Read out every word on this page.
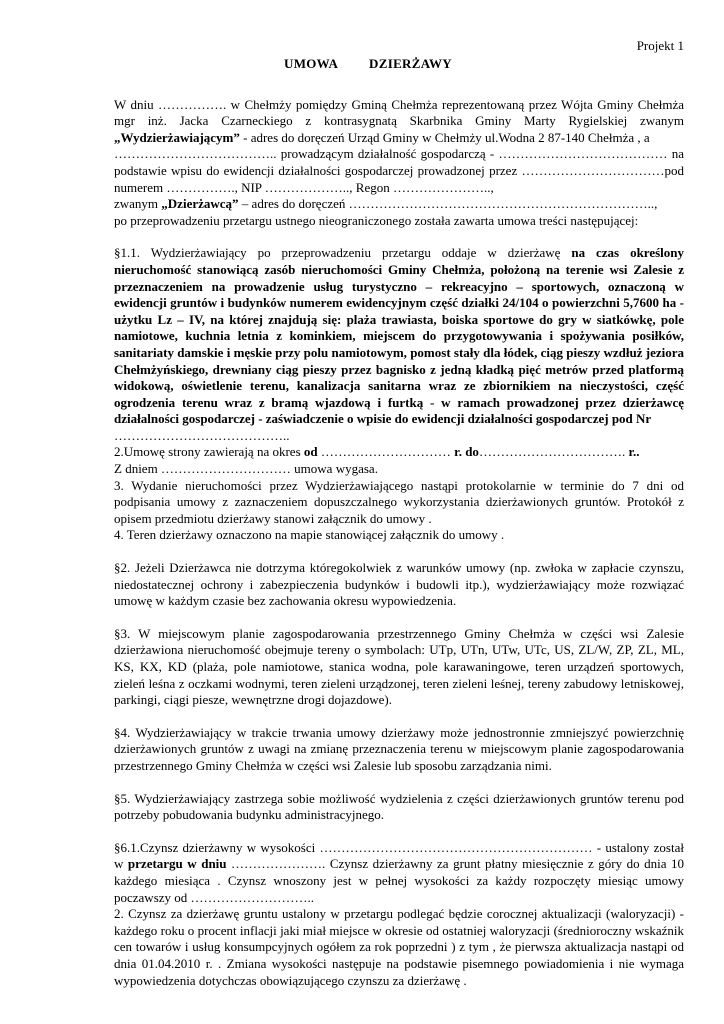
Projekt 1
UMOWA DZIERŻAWY

W dniu ……………. w Chełmży pomiędzy Gminą Chełmża reprezentowaną przez Wójta Gminy Chełmża mgr inż. Jacka Czarneckiego z kontrasygnatą Skarbnika Gminy Marty Rygielskiej zwanym „Wydzierżawiającym” - adres do doręczeń Urząd Gminy w Chełmży ul.Wodna 2 87-140 Chełmża , a

……………………………….. prowadzącym działalność gospodarczą - ………………………………… na podstawie wpisu do ewidencji działalności gospodarczej prowadzonej przez ……………………………pod numerem ……………., NIP ……………….., Regon …………………..,

zwanym „Dzierżawcą” – adres do doręczeń ……………………………………………………………..,

po przeprowadzeniu przetargu ustnego nieograniczonego została zawarta umowa treści następującej:

§1.1. Wydzierżawiający po przeprowadzeniu przetargu oddaje w dzierżawę na czas określony nieruchomość stanowiącą zasób nieruchomości Gminy Chełmża, położoną na terenie wsi Zalesie z przeznaczeniem na prowadzenie usług turystyczno – rekreacyjno – sportowych, oznaczoną w ewidencji gruntów i budynków numerem ewidencyjnym część działki 24/104 o powierzchni 5,7600 ha - użytku Lz – IV, na której znajdują się: plaża trawiasta, boiska sportowe do gry w siatkówkę, pole namiotowe, kuchnia letnia z kominkiem, miejscem do przygotowywania i spożywania posiłków, sanitariaty damskie i męskie przy polu namiotowym, pomost stały dla łódek, ciąg pieszy wzdłuż jeziora Chełmżyńskiego, drewniany ciąg pieszy przez bagnisko z jedną kładką pięć metrów przed platformą widokową, oświetlenie terenu, kanalizacja sanitarna wraz ze zbiornikiem na nieczystości, część ogrodzenia terenu wraz z bramą wjazdową i furtką - w ramach prowadzonej przez dzierżawcę działalności gospodarczej - zaświadczenie o wpisie do ewidencji działalności gospodarczej pod Nr

…………………………………..

2.Umowę strony zawierają na okres od ………………………… r. do……………………………. r..

Z dniem ………………………… umowa wygasa.

3. Wydanie nieruchomości przez Wydzierżawiającego nastąpi protokolarnie w terminie do 7 dni od podpisania umowy z zaznaczeniem dopuszczalnego wykorzystania dzierżawionych gruntów. Protokół z opisem przedmiotu dzierżawy stanowi załącznik do umowy .

4. Teren dzierżawy oznaczono na mapie stanowiącej załącznik do umowy .

§2. Jeżeli Dzierżawca nie dotrzyma któregokolwiek z warunków umowy (np. zwłoka w zapłacie czynszu, niedostatecznej ochrony i zabezpieczenia budynków i budowli itp.), wydzierżawiający może rozwiązać umowę w każdym czasie bez zachowania okresu wypowiedzenia.

§3. W miejscowym planie zagospodarowania przestrzennego Gminy Chełmża w części wsi Zalesie dzierżawiona nieruchomość obejmuje tereny o symbolach: UTp, UTn, UTw, UTc, US, ZL/W, ZP, ZL, ML, KS, KX, KD (plaża, pole namiotowe, stanica wodna, pole karawaningowe, teren urządzeń sportowych, zieleń leśna z oczkami wodnymi, teren zieleni urządzonej, teren zieleni leśnej, tereny zabudowy letniskowej, parkingi, ciągi piesze, wewnętrzne drogi dojazdowe).

§4. Wydzierżawiający w trakcie trwania umowy dzierżawy może jednostronnie zmniejszyć powierzchnię dzierżawionych gruntów z uwagi na zmianę przeznaczenia terenu w miejscowym planie zagospodarowania przestrzennego Gminy Chełmża w części wsi Zalesie lub sposobu zarządzania nimi.

§5. Wydzierżawiający zastrzega sobie możliwość wydzielenia z części dzierżawionych gruntów terenu pod potrzeby pobudowania budynku administracyjnego.

§6.1.Czynsz dzierżawny w wysokości ……………………………………………………… - ustalony został w przetargu w dniu …………………. Czynsz dzierżawny za grunt płatny miesięcznie z góry do dnia 10 każdego miesiąca . Czynsz wnoszony jest w pełnej wysokości za każdy rozpoczęty miesiąc umowy poczawszy od ………………………..

2. Czynsz za dzierżawę gruntu ustalony w przetargu podlegać będzie corocznej aktualizacji (waloryzacji) - każdego roku o procent inflacji jaki miał miejsce w okresie od ostatniej waloryzacji (średnioroczny wskaźnik cen towarów i usług konsumpcyjnych ogółem za rok poprzedni ) z tym , że pierwsza aktualizacja nastąpi od dnia 01.04.2010 r. . Zmiana wysokości następuje na podstawie pisemnego powiadomienia i nie wymaga wypowiedzenia dotychczas obowiązującego czynszu za dzierżawę .
